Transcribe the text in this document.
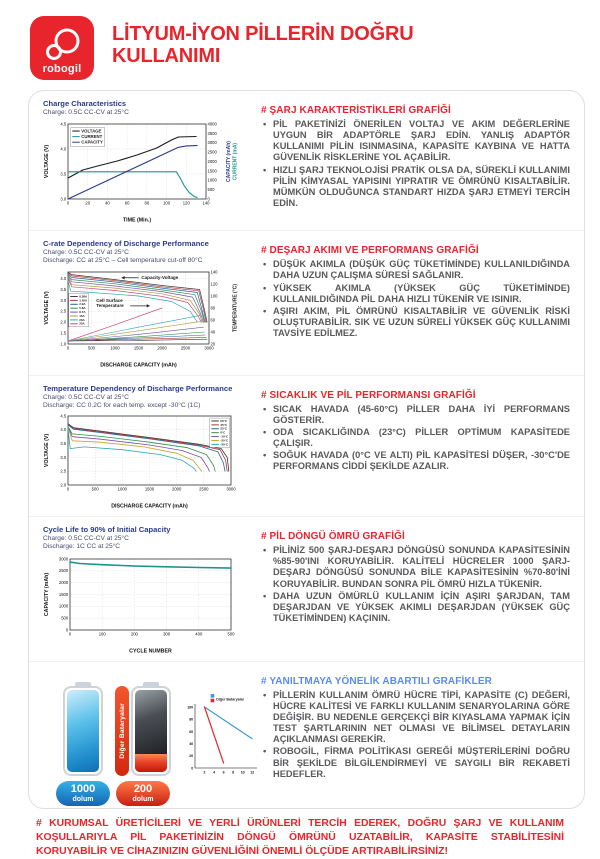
robogil
LİTYUM-İYON PİLLERİN DOĞRU
KULLANIMI
Charge Characteristics
Charge: 0.5C CC-CV at 25°C
0	20	40	60	80	100	120	140
3.0
3.5
4.0
4.5
0
500
1000
1500
2000
2500
3000
3500
4000
TIME (Min.)
VOLTAGE (V)	CAPACITY (mAh) CURRENT (mA)
VOLTAGE
CURRENT
CAPACITY
# ŞARJ KARAKTERİSTİKLERİ GRAFİĞİ
• PİL PAKETİNİZİ ÖNERİLEN VOLTAJ VE AKIM DEĞERLERİNE UYGUN BİR ADAPTÖRLE ŞARJ EDİN. YANLIŞ ADAPTÖR KULLANIMI PİLİN ISINMASINA, KAPASİTE KAYBINA VE HATTA GÜVENLİK RİSKLERİNE YOL AÇABİLİR.
• HIZLI ŞARJ TEKNOLOJİSİ PRATİK OLSA DA, SÜREKLİ KULLANIMI PİLİN KİMYASAL YAPISINI YIPRATIR VE ÖMRÜNÜ KISALTABİLİR. MÜMKÜN OLDUĞUNCA STANDART HIZDA ŞARJ ETMEYİ TERCİH EDİN.
C-rate Dependency of Discharge Performance
Charge: 0.5C CC-CV at 25°C
Discharge: CC at 25°C – Cell temperature cut-off 80°C
0	500	1000	1500	2000	2500	3000
1.0
1.5
2.0
2.5
3.0
3.5
4.0
20
40
60
80
100
120
140
DISCHARGE CAPACITY (mAh)
VOLTAGE (V)	TEMPERATURE (°C)
0.58A
1.45A
2.9A
5.8A
8.7A
15A
20A
25A
Capacity-Voltage
Cell Surface
Temperature
# DEŞARJ AKIMI VE PERFORMANS GRAFİĞİ
• DÜŞÜK AKIMLA (DÜŞÜK GÜÇ TÜKETİMİNDE) KULLANILDIĞINDA DAHA UZUN ÇALIŞMA SÜRESİ SAĞLANIR.
• YÜKSEK AKIMLA (YÜKSEK GÜÇ TÜKETİMİNDE) KULLANILDIĞINDA PİL DAHA HIZLI TÜKENİR VE ISINIR.
• AŞIRI AKIM, PİL ÖMRÜNÜ KISALTABİLİR VE GÜVENLİK RİSKİ OLUŞTURABİLİR. SIK VE UZUN SÜRELİ YÜKSEK GÜÇ KULLANIMI TAVSİYE EDİLMEZ.
Temperature Dependency of Discharge Performance
Charge: 0.5C CC-CV at 25°C
Discharge: CC 0.2C for each temp. except -30°C (1C)
0	500	1000	1500	2000	2500	3000
2.0
2.5
3.0
3.5
4.0
4.5
DISCHARGE CAPACITY (mAh)
VOLTAGE (V)
60°C
45°C
25°C
0°C
-10°C
-20°C
-30°C
# SICAKLIK VE PİL PERFORMANSI GRAFİĞİ
• SICAK HAVADA (45-60°C) PİLLER DAHA İYİ PERFORMANS GÖSTERİR.
• ODA SICAKLIĞINDA (23°C) PİLLER OPTİMUM KAPASİTEDE ÇALIŞIR.
• SOĞUK HAVADA (0°C VE ALTI) PİL KAPASİTESİ DÜŞER, -30°C'DE PERFORMANS CİDDİ ŞEKİLDE AZALIR.
Cycle Life to 90% of Initial Capacity
Charge: 0.5C CC-CV at 25°C
Discharge: 1C CC at 25°C
0	100	200	300	400	500
0
500
1000
1500
2000
2500
3000
CYCLE NUMBER
CAPACITY (mAh)
# PİL DÖNGÜ ÖMRÜ GRAFİĞİ
• PİLİNİZ 500 ŞARJ-DEŞARJ DÖNGÜSÜ SONUNDA KAPASİTESİNİN %85-90'INI KORUYABİLİR. KALİTELİ HÜCRELER 1000 ŞARJ-DEŞARJ DÖNGÜSÜ SONUNDA BİLE KAPASİTESİNİN %70-80'İNİ KORUYABİLİR. BUNDAN SONRA PİL ÖMRÜ HIZLA TÜKENİR.
• DAHA UZUN ÖMÜRLÜ KULLANIM İÇİN AŞIRI ŞARJDAN, TAM DEŞARJDAN VE YÜKSEK AKIMLI DEŞARJDAN (YÜKSEK GÜÇ TÜKETİMİNDEN) KAÇININ.
1000
dolum
Diğer Bataryalar
200
dolum
2 4 6 8 10 12
0
20
40
60
80
100
Diğer Bataryalar
# YANILTMAYA YÖNELİK ABARTILI GRAFİKLER
• PİLLERİN KULLANIM ÖMRÜ HÜCRE TİPİ, KAPASİTE (C) DEĞERİ, HÜCRE KALİTESİ VE FARKLI KULLANIM SENARYOLARINA GÖRE DEĞİŞİR. BU NEDENLE GERÇEKÇİ BİR KIYASLAMA YAPMAK İÇİN TEST ŞARTLARININ NET OLMASI VE BİLİMSEL DETAYLARIN AÇIKLANMASI GEREKİR.
• ROBOGİL, FİRMA POLİTİKASI GEREĞİ MÜŞTERİLERİNİ DOĞRU BİR ŞEKİLDE BİLGİLENDİRMEYİ VE SAYGILI BİR REKABETİ HEDEFLER.
# KURUMSAL ÜRETİCİLERİ VE YERLİ ÜRÜNLERİ TERCİH EDEREK, DOĞRU ŞARJ VE KULLANIM KOŞULLARIYLA PİL PAKETİNİZİN DÖNGÜ ÖMRÜNÜ UZATABİLİR, KAPASİTE STABİLİTESİNİ KORUYABİLİR VE CİHAZINIZIN GÜVENLİĞİNİ ÖNEMLİ ÖLÇÜDE ARTIRABİLİRSİNİZ!
